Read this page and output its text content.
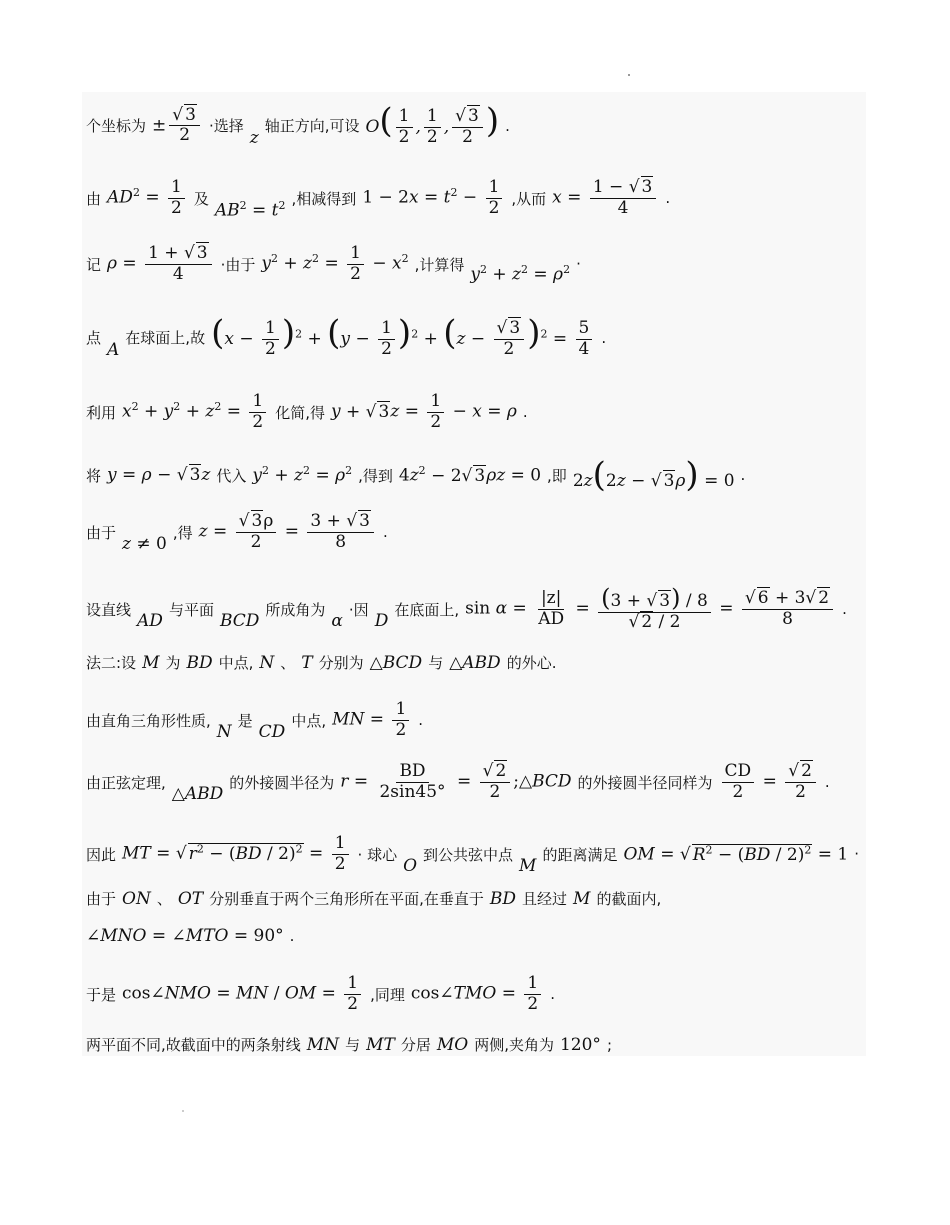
个坐标为 ± $\frac{√ 3}{2}$ ·选择
z
轴正方向,可设 $O( \frac{1}{2}$ , $\frac{1}{2}$ , $\frac{√ 3}{2}$ ) .
由 $AD^2 = \frac{1}{2}$ 及
$AB^2 = t^2$ ,相减得到 $1 - 2x = t^2 - \frac{1}{2}$ ,从而 $x = \frac{1 - √ 3}{4}$ .
记 $\rho = \frac{1 + √ 3}{4}$ ·由于 $y^2 + z^2 = \frac{1}{2} - x^2$ ,计算得
$y^2 + z^2 = \rho^2$ ·
点
A
在球面上,故 $(x - \frac{1}{2} )^2 + (y - \frac{1}{2} )^2 + (z - \frac{√ 3}{2} )^2 = \frac{5}{4}$ .
利用 $x^2 + y^2 + z^2 = \frac{1}{2}$ 化简,得 y + √ $3z = \frac{1}{2} - x = \rho$ .
将 y = ρ − √ 3z 代入 $y^2 + z^2 = \rho^2$ ,得到 $4z^2 - 2√$ 3ρz = 0 ,即 2z(2z − √ 3ρ) = 0 .
由于
z ≠ 0
,得 $z = \frac{√ 3\rho}{2} = \frac{3 + √ 3}{8}$ .
设直线
AD
与平面
BCD
所成角为
α
·因
D
在底面上, $\sin \alpha = \frac{|z|}{AD} = \frac{(3 + √ 3) / 8}{√ 2 / 2} = \frac{√ 6 + 3√ 2}{8}$ .
法二:设 M 为 BD 中点, N 、 T 分别为 △BCD 与 △ABD 的外心.
由直角三角形性质,
N
是
CD
中点, MN = $\frac{1}{2}$ .
由正弦定理,
△ABD
的外接圆半径为 $r = \frac{BD}{2\sin 45^\circ} = \frac{√ 2}{2}$ ;△BCD 的外接圆半径同样为 $\frac{CD}{2} = \frac{√ 2}{2}$ .
因此 MT = √ $r^2 - (BD / 2)^2 = \frac{1}{2}$ · 球心
O
到公共弦中点
M
的距离满足 OM = √ $R^2 - (BD / 2)^2 = 1$ ·
由于 ON 、 OT 分别垂直于两个三角形所在平面,在垂直于 BD 且经过 M 的截面内,
∠MNO = ∠MTO = 90° .
于是 cos∠NMO = MN / OM = $\frac{1}{2}$ ,同理 cos∠TMO = $\frac{1}{2}$ .
两平面不同,故截面中的两条射线 MN 与 MT 分居 MO 两侧,夹角为 120° ;
